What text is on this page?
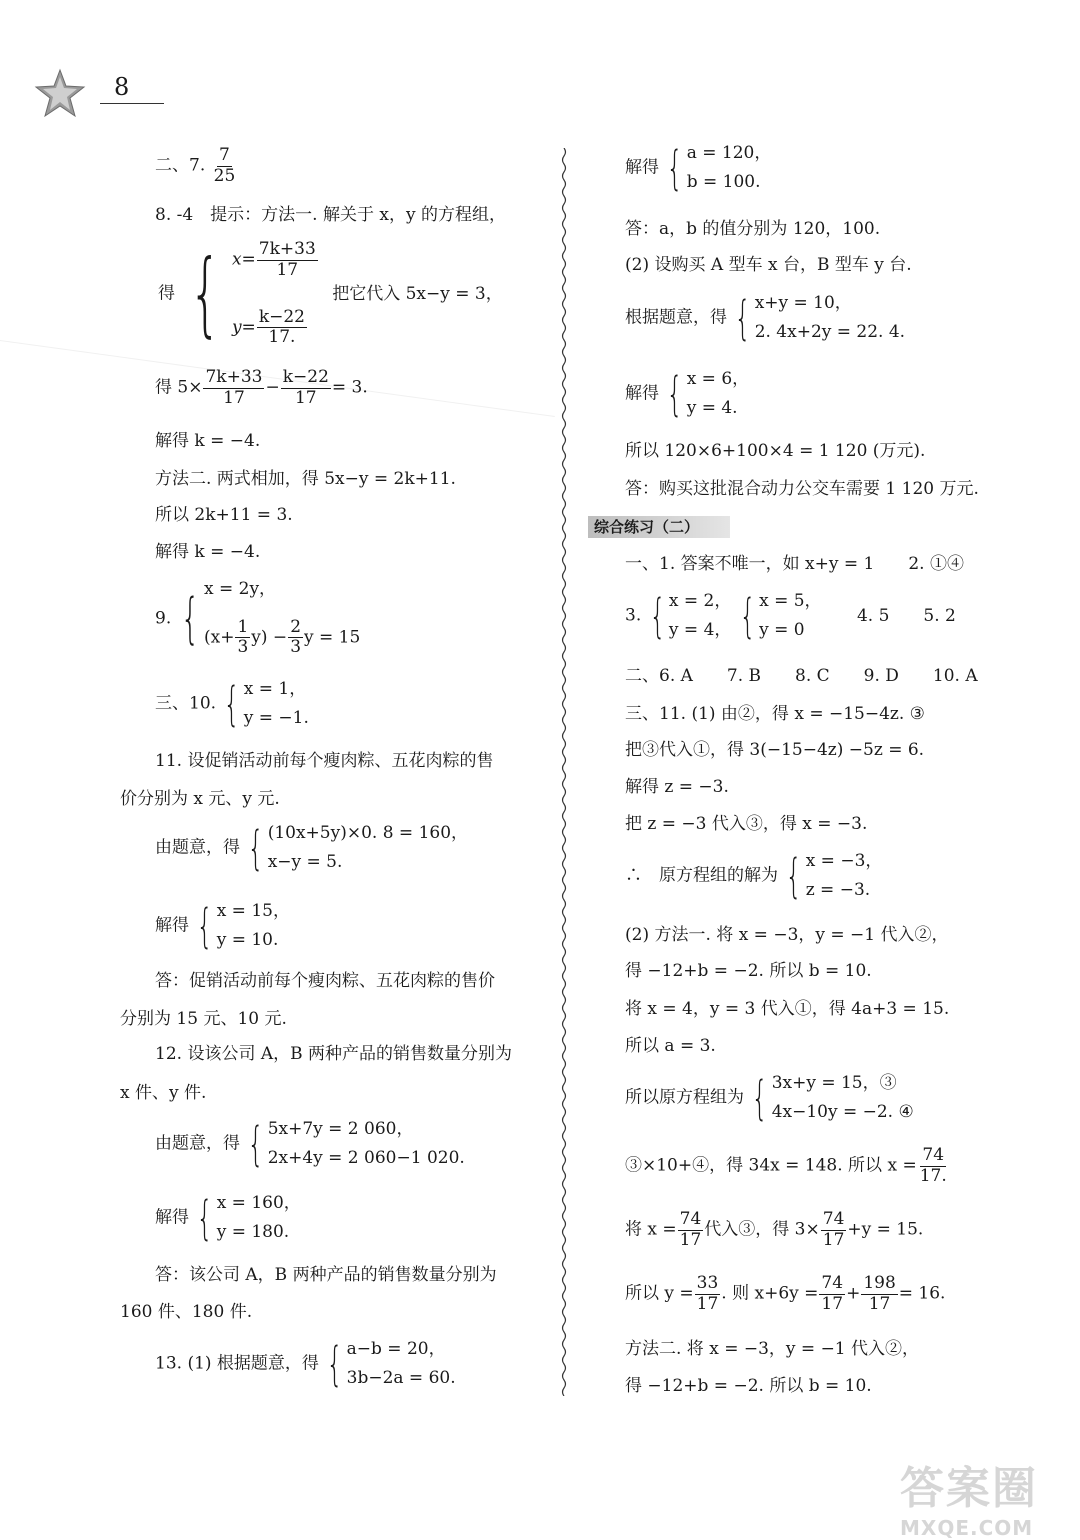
8
二、7. $\frac{7}{25}$
8. -4　提示：方法一. 解关于 x，y 的方程组，
得 { $x= \frac{7k+33}{17}$
$y= \frac{k-22}{17.}$
把它代入 5x−y = 3，
得 $5\times \frac{7k+33}{17} - \frac{k-22}{17} = 3$.
解得 k = −4.
方法二. 两式相加，得 5x−y = 2k+11.
所以 2k+11 = 3.
解得 k = −4.
9. { x = 2y，
$(x+ \frac{1}{3} y) - \frac{2}{3}$ y = 15
三、10. { x = 1，
y = −1.
11. 设促销活动前每个瘦肉粽、五花肉粽的售
价分别为 x 元、y 元.
由题意，得 { (10x+5y)×0. 8 = 160，
x−y = 5.
解得 { x = 15，
y = 10.
答：促销活动前每个瘦肉粽、五花肉粽的售价
分别为 15 元、10 元.
12. 设该公司 A，B 两种产品的销售数量分别为
x 件、y 件.
由题意，得 { 5x+7y = 2 060，
2x+4y = 2 060−1 020.
解得 { x = 160，
y = 180.
答：该公司 A，B 两种产品的销售数量分别为
160 件、180 件.
13. (1) 根据题意，得 { a−b = 20，
3b−2a = 60.
解得 { a = 120，
b = 100.
答：a，b 的值分别为 120，100.
(2) 设购买 A 型车 x 台，B 型车 y 台.
根据题意，得 { x+y = 10，
2. 4x+2y = 22. 4.
解得 { x = 6，
y = 4.
所以 120×6+100×4 = 1 120 (万元).
答：购买这批混合动力公交车需要 1 120 万元.
综合练习（二）
一、1. 答案不唯一，如 x+y = 1　　2. ①④
3. { x = 2，
y = 4，
{ x = 5，
y = 0
4. 5　　5. 2
二、6. A　　7. B　　8. C　　9. D　　10. A
三、11. (1) 由②，得 x = −15−4z. ③
把③代入①，得 3(−15−4z) −5z = 6.
解得 z = −3.
把 z = −3 代入③，得 x = −3.
∴　原方程组的解为 { x = −3，
z = −3.
(2) 方法一. 将 x = −3，y = −1 代入②，
得 −12+b = −2. 所以 b = 10.
将 x = 4，y = 3 代入①，得 4a+3 = 15.
所以 a = 3.
所以原方程组为 { 3x+y = 15，③
4x−10y = −2. ④
③×10+④，得 34x = 148. 所以 $x = \frac{74}{17.}$
将 $x = \frac{74}{17}$ 代入③，得 $3\times \frac{74}{17} +y = 15$.
所以 $y = \frac{33}{17}$ . 则 $x+6y = \frac{74}{17} + \frac{198}{17} = 16$.
方法二. 将 x = −3，y = −1 代入②，
得 −12+b = −2. 所以 b = 10.
答案圈
MXQE.COM
